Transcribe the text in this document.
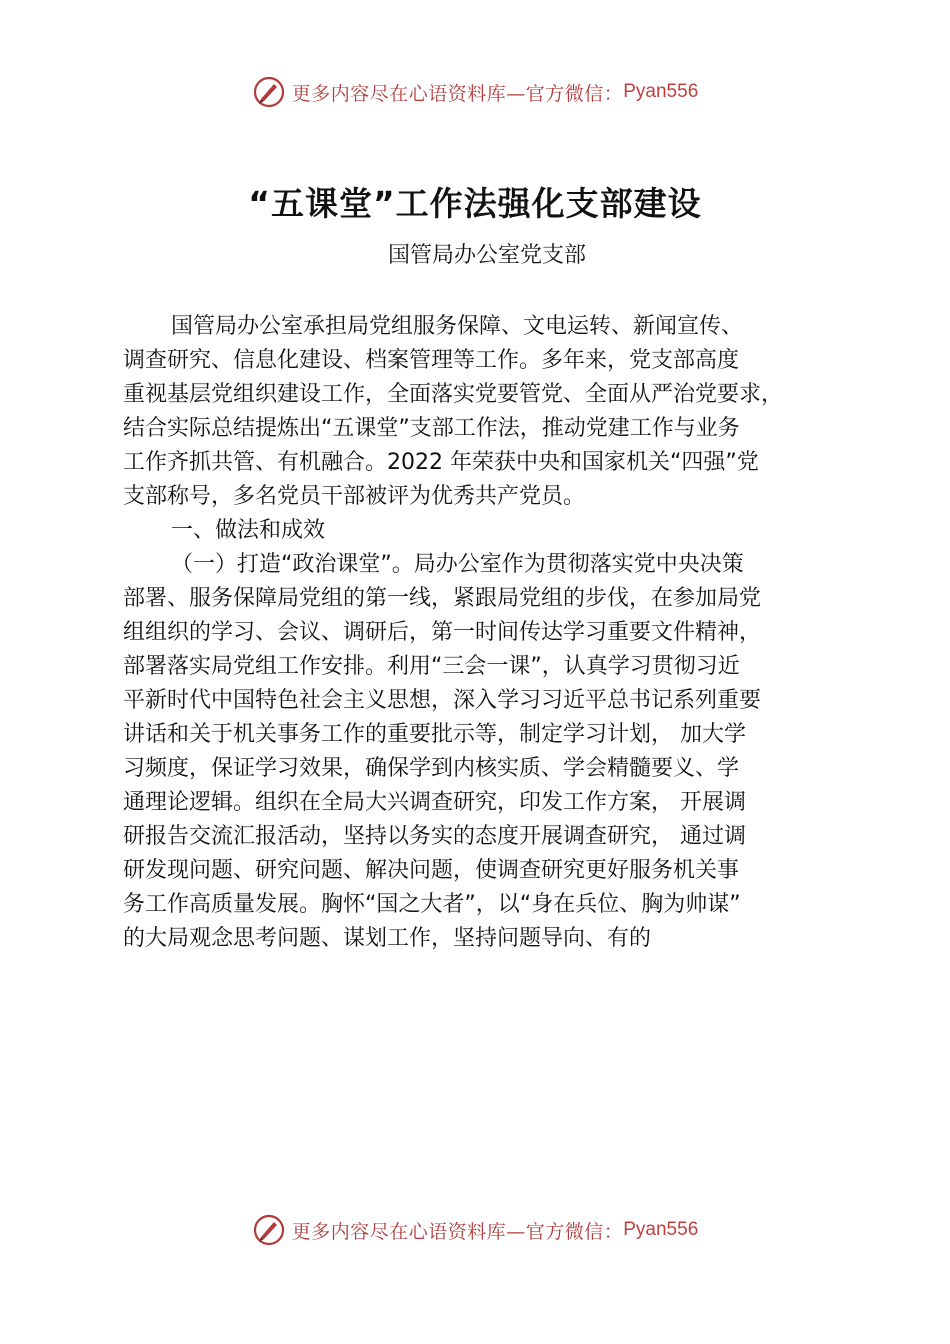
更多内容尽在心语资料库—官方微信： Pyan556
“五课堂”工作法强化支部建设
国管局办公室党支部
国管局办公室承担局党组服务保障、文电运转、新闻宣传、
调查研究、信息化建设、档案管理等工作。多年来，党支部高度
重视基层党组织建设工作，全面落实党要管党、全面从严治党要求，
结合实际总结提炼出“五课堂”支部工作法，推动党建工作与业务
工作齐抓共管、有机融合。2022 年荣获中央和国家机关“四强”党
支部称号，多名党员干部被评为优秀共产党员。
一、做法和成效
（一）打造“政治课堂”。局办公室作为贯彻落实党中央决策
部署、服务保障局党组的第一线，紧跟局党组的步伐，在参加局党
组组织的学习、会议、调研后，第一时间传达学习重要文件精神，
部署落实局党组工作安排。利用“三会一课”，认真学习贯彻习近
平新时代中国特色社会主义思想，深入学习习近平总书记系列重要
讲话和关于机关事务工作的重要批示等，制定学习计划， 加大学
习频度，保证学习效果，确保学到内核实质、学会精髓要义、学
通理论逻辑。组织在全局大兴调查研究，印发工作方案， 开展调
研报告交流汇报活动，坚持以务实的态度开展调查研究， 通过调
研发现问题、研究问题、解决问题，使调查研究更好服务机关事
务工作高质量发展。胸怀“国之大者”，以“身在兵位、胸为帅谋”
的大局观念思考问题、谋划工作，坚持问题导向、有的
更多内容尽在心语资料库—官方微信： Pyan556
